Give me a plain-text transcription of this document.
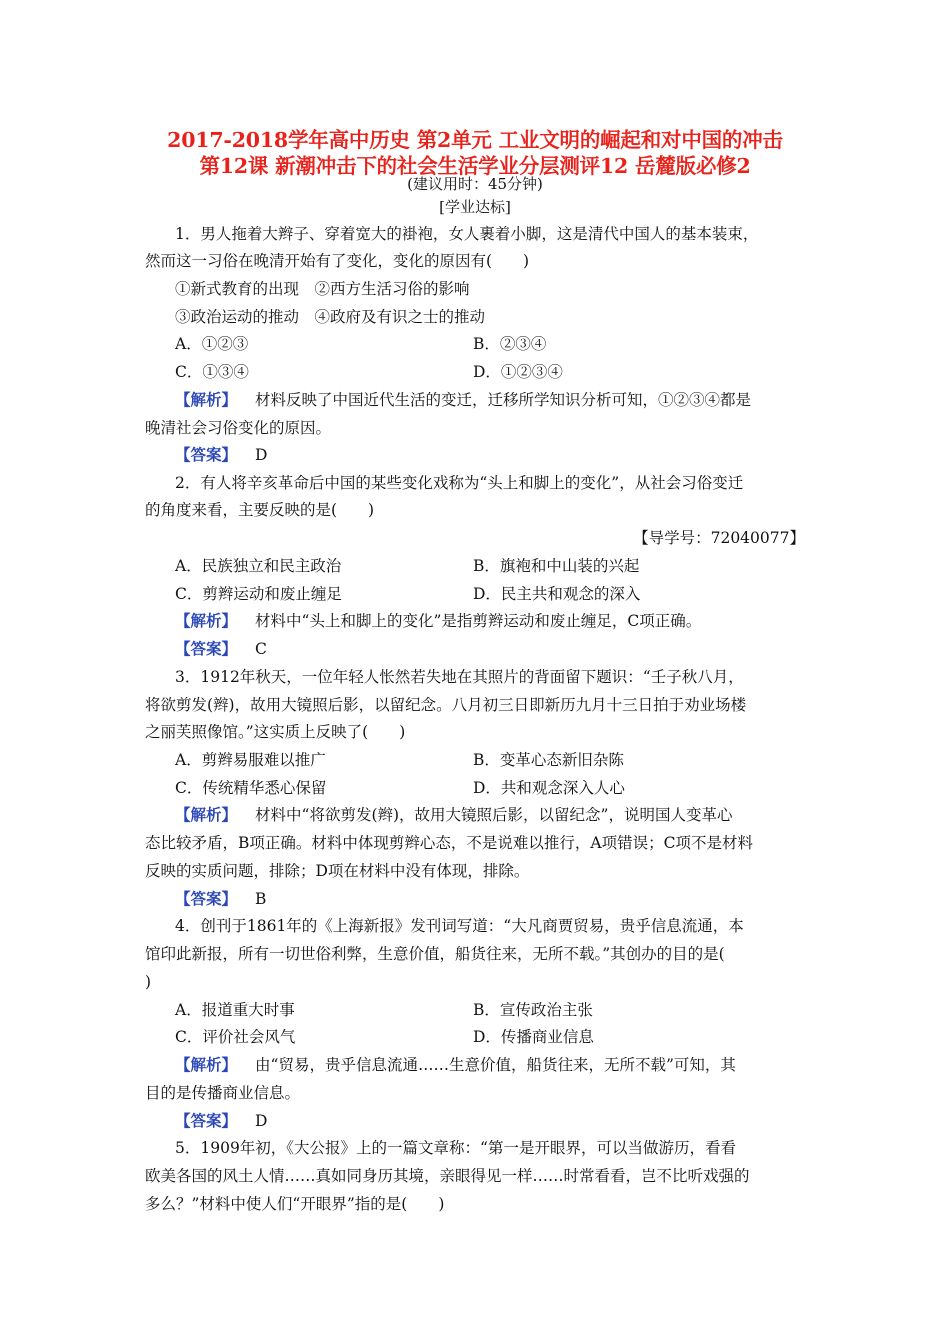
2017-2018学年高中历史 第2单元 工业文明的崛起和对中国的冲击
第12课 新潮冲击下的社会生活学业分层测评12 岳麓版必修2
(建议用时：45分钟)
[学业达标]
1．男人拖着大辫子、穿着宽大的褂袍，女人裹着小脚，这是清代中国人的基本装束，
然而这一习俗在晚清开始有了变化，变化的原因有(　　)
①新式教育的出现　②西方生活习俗的影响
③政治运动的推动　④政府及有识之士的推动
A．①②③	B．②③④
C．①③④	D．①②③④
【解析】 材料反映了中国近代生活的变迁，迁移所学知识分析可知，①②③④都是
晚清社会习俗变化的原因。
【答案】 D
2．有人将辛亥革命后中国的某些变化戏称为“头上和脚上的变化”，从社会习俗变迁
的角度来看，主要反映的是(　　)
【导学号：72040077】
A．民族独立和民主政治	B．旗袍和中山装的兴起
C．剪辫运动和废止缠足	D．民主共和观念的深入
【解析】 材料中“头上和脚上的变化”是指剪辫运动和废止缠足，C项正确。
【答案】 C
3．1912年秋天，一位年轻人怅然若失地在其照片的背面留下题识：“壬子秋八月，
将欲剪发(辫)，故用大镜照后影，以留纪念。八月初三日即新历九月十三日拍于劝业场楼
之丽芙照像馆。”这实质上反映了(　　)
A．剪辫易服难以推广	B．变革心态新旧杂陈
C．传统精华悉心保留	D．共和观念深入人心
【解析】 材料中“将欲剪发(辫)，故用大镜照后影，以留纪念”，说明国人变革心
态比较矛盾，B项正确。材料中体现剪辫心态，不是说难以推行，A项错误；C项不是材料
反映的实质问题，排除；D项在材料中没有体现，排除。
【答案】 B
4．创刊于1861年的《上海新报》发刊词写道：“大凡商贾贸易，贵乎信息流通，本
馆印此新报，所有一切世俗利弊，生意价值，船货往来，无所不载。”其创办的目的是(
)
A．报道重大时事	B．宣传政治主张
C．评价社会风气	D．传播商业信息
【解析】 由“贸易，贵乎信息流通……生意价值，船货往来，无所不载”可知，其
目的是传播商业信息。
【答案】 D
5．1909年初，《大公报》上的一篇文章称：“第一是开眼界，可以当做游历，看看
欧美各国的风土人情……真如同身历其境，亲眼得见一样……时常看看，岂不比听戏强的
多么？”材料中使人们“开眼界”指的是(　　)
